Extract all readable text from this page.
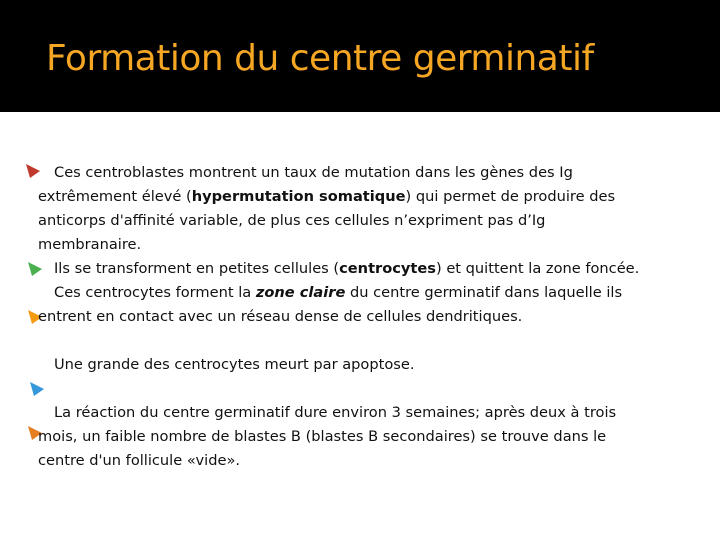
Formation du centre germinatif
Ces centroblastes montrent un taux de mutation dans les gènes des Ig
extrêmement élevé (hypermutation somatique) qui permet de produire des
anticorps d'affinité variable, de plus ces cellules n’expriment pas d’Ig
membranaire.
Ils se transforment en petites cellules (centrocytes) et quittent la zone foncée.
Ces centrocytes forment la zone claire du centre germinatif dans laquelle ils
entrent en contact avec un réseau dense de cellules dendritiques.
Une grande des centrocytes meurt par apoptose.
La réaction du centre germinatif dure environ 3 semaines; après deux à trois
mois, un faible nombre de blastes B (blastes B secondaires) se trouve dans le
centre d'un follicule «vide».
